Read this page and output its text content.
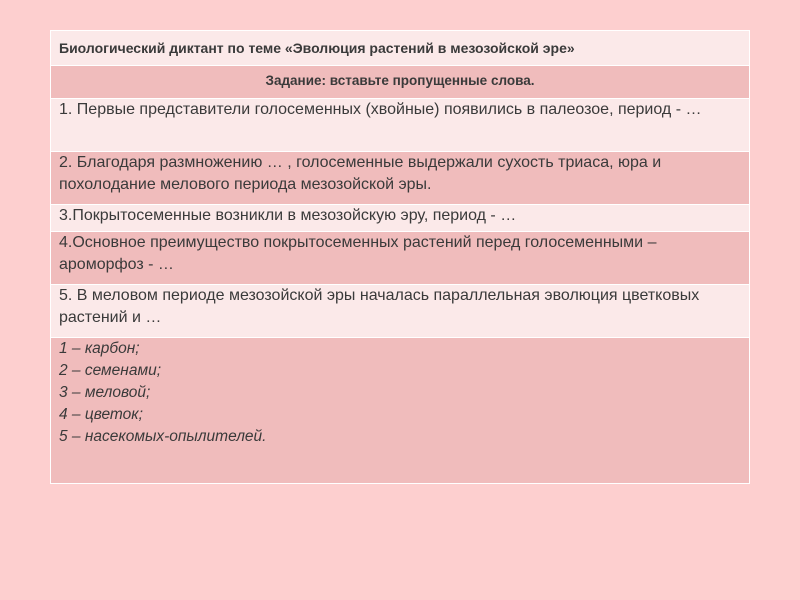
Биологический диктант по теме «Эволюция растений в мезозойской эре»
Задание: вставьте пропущенные слова.
1. Первые представители голосеменных (хвойные) появились в палеозое, период - …
2. Благодаря размножению … , голосеменные выдержали сухость триаса, юра и похолодание мелового периода мезозойской эры.
3.Покрытосеменные возникли в мезозойскую эру, период - …
4.Основное преимущество покрытосеменных растений перед голосеменными – ароморфоз - …
5. В меловом периоде мезозойской эры началась параллельная эволюция цветковых растений и …

1 – карбон;
2 – семенами;
3 – меловой;
4 – цветок;
5 – насекомых-опылителей.
